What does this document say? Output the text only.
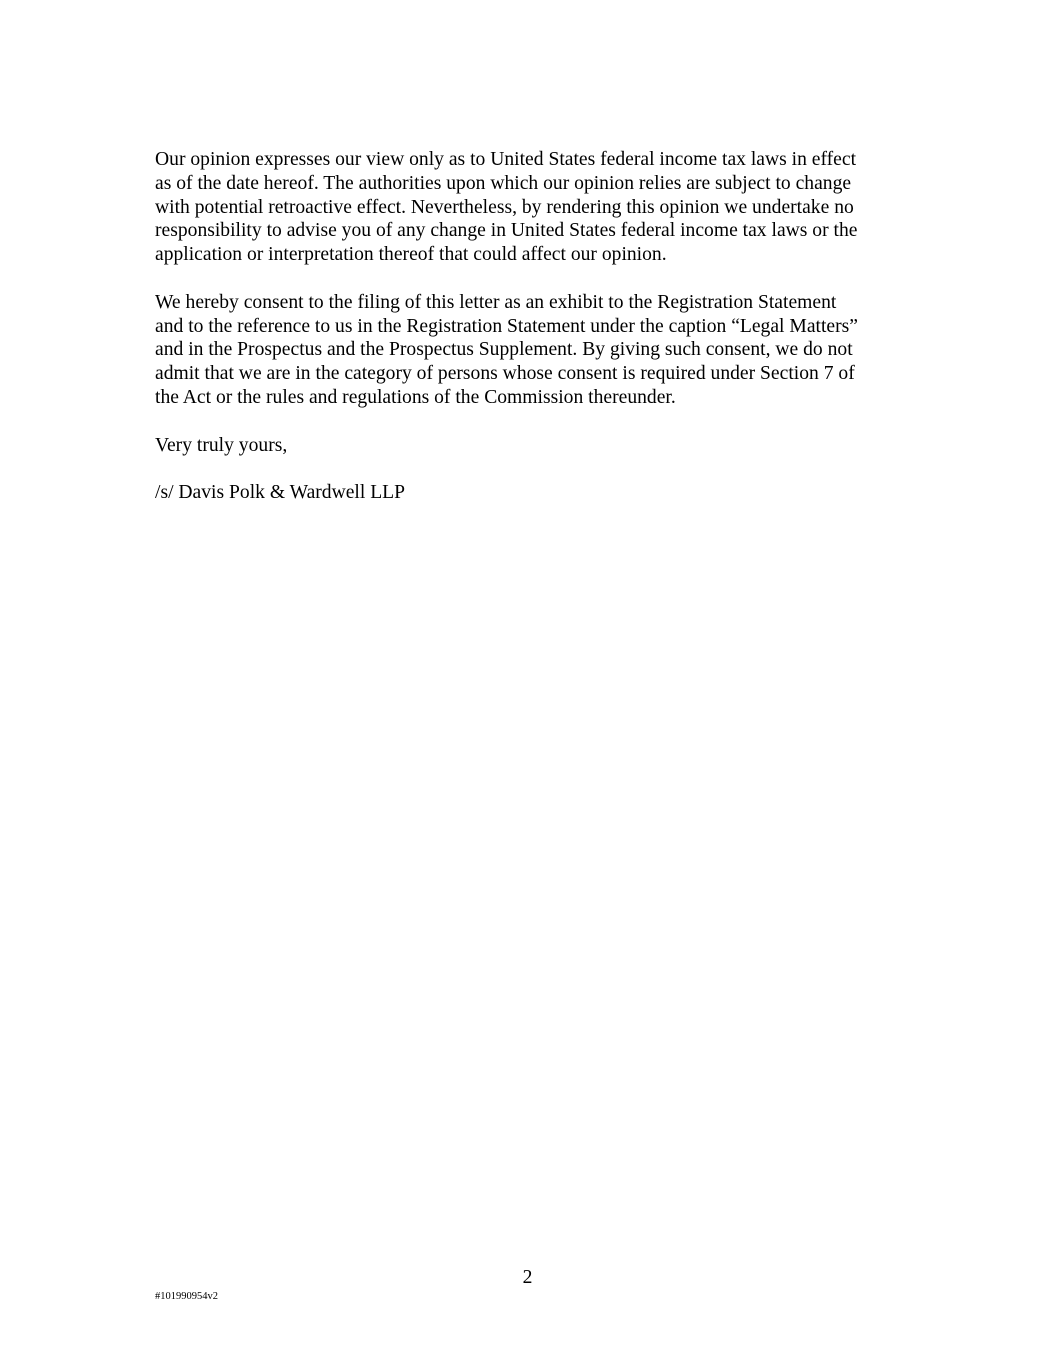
Our opinion expresses our view only as to United States federal income tax laws in effect
as of the date hereof. The authorities upon which our opinion relies are subject to change
with potential retroactive effect. Nevertheless, by rendering this opinion we undertake no
responsibility to advise you of any change in United States federal income tax laws or the
application or interpretation thereof that could affect our opinion.

We hereby consent to the filing of this letter as an exhibit to the Registration Statement
and to the reference to us in the Registration Statement under the caption “Legal Matters”
and in the Prospectus and the Prospectus Supplement. By giving such consent, we do not
admit that we are in the category of persons whose consent is required under Section 7 of
the Act or the rules and regulations of the Commission thereunder.

Very truly yours,

/s/ Davis Polk & Wardwell LLP

2
#101990954v2
